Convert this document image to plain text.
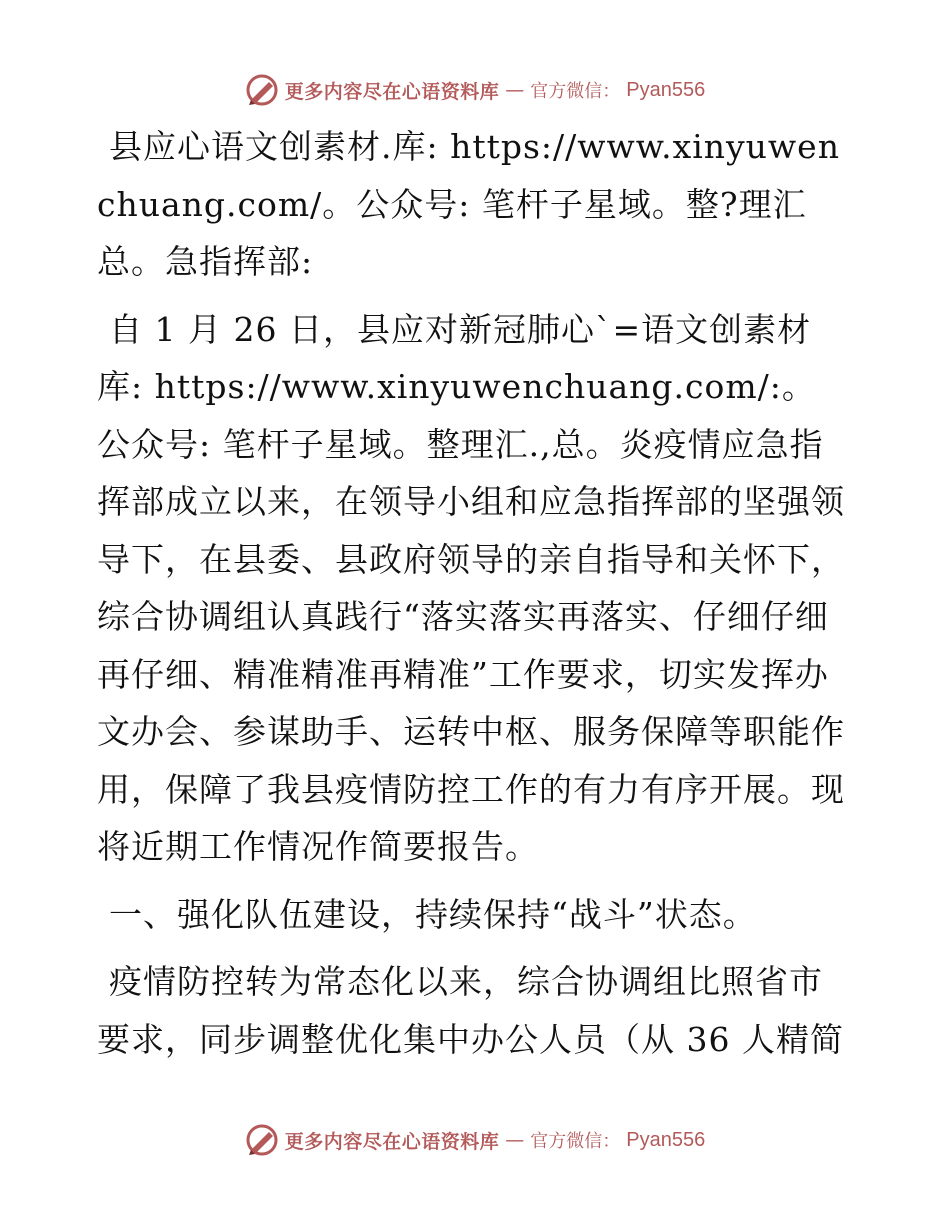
更多内容尽在心语资料库 — 官方微信： Pyan556

县应心语文创素材.库: https://www.xinyuwenchuang.com/。公众号: 笔杆子星域。整?理汇总。急指挥部:

自 1 月 26 日，县应对新冠肺心`=语文创素材库: https://www.xinyuwenchuang.com/:。公众号: 笔杆子星域。整理汇.,总。炎疫情应急指挥部成立以来，在领导小组和应急指挥部的坚强领导下，在县委、县政府领导的亲自指导和关怀下，综合协调组认真践行“落实落实再落实、仔细仔细再仔细、精准精准再精准”工作要求，切实发挥办文办会、参谋助手、运转中枢、服务保障等职能作用，保障了我县疫情防控工作的有力有序开展。现将近期工作情况作简要报告。

一、强化队伍建设，持续保持“战斗”状态。

疫情防控转为常态化以来，综合协调组比照省市要求，同步调整优化集中办公人员（从 36 人精简

更多内容尽在心语资料库 — 官方微信： Pyan556
